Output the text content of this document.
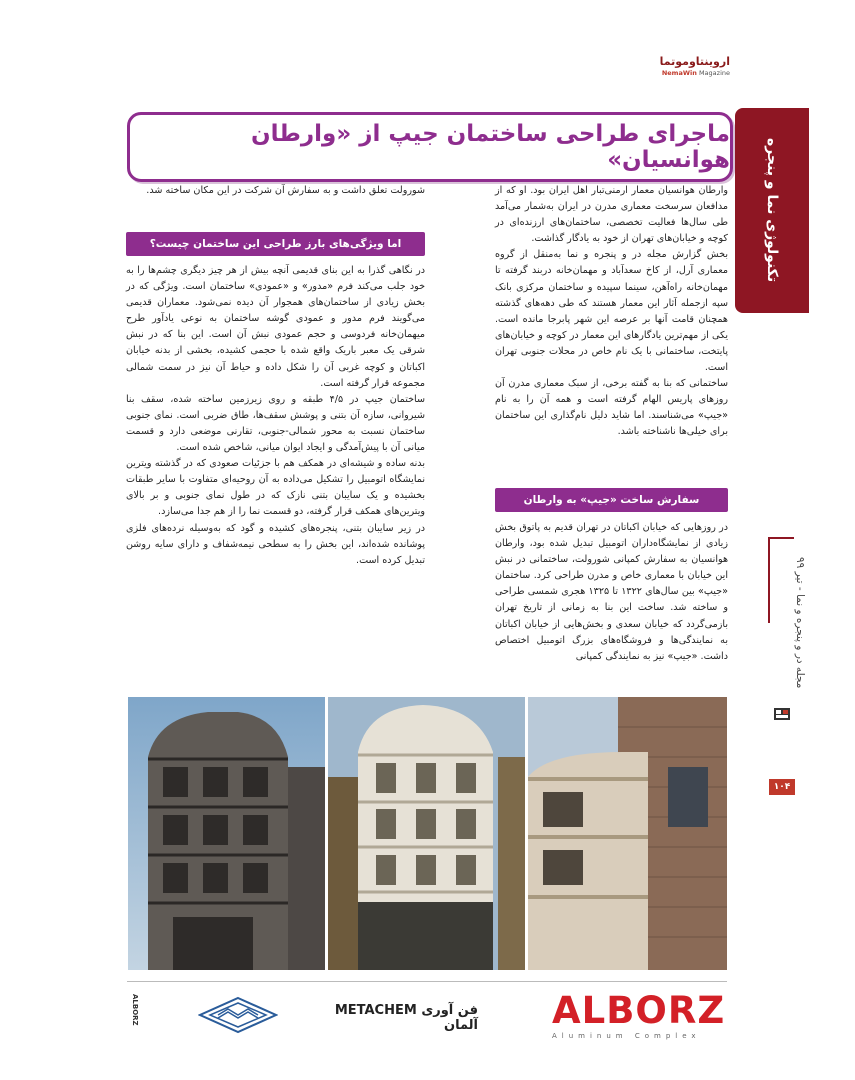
اروینتاوموتما
NemaWin Magazine
تکنولوژی نما و پنجره
ماجرای طراحی ساختمان جیپ از «وارطان هوانسیان»
وارطان هوانسیان معمار ارمنی‌تبار اهل ایران بود. او که از مدافعان سرسخت معماری مدرن در ایران به‌شمار می‌آمد طی سال‌ها فعالیت تخصصی، ساختمان‌های ارزنده‌ای در کوچه و خیابان‌های تهران از خود به یادگار گذاشت.
بخش گزارش مجله در و پنجره و نما به‌منقل از گروه معماری آرل، از کاخ سعدآباد و مهمان‌خانه دربند گرفته تا مهمان‌خانه راه‌آهن، سینما سپیده و ساختمان مرکزی بانک سپه ازجمله آثار این معمار هستند که طی دهه‌های گذشته همچنان قامت آنها بر عرصه این شهر پابرجا مانده است. یکی از مهم‌ترین یادگارهای این معمار در کوچه و خیابان‌های پایتخت، ساختمانی با یک نام خاص در محلات جنوبی تهران است.
ساختمانی که بنا به گفته برخی، از سبک معماری مدرن آن روزهای پاریس الهام گرفته است و همه آن را به نام «جیپ» می‌شناسند. اما شاید دلیل نام‌گذاری این ساختمان برای خیلی‌ها ناشناخته باشد.
سفارش ساخت «جیپ» به وارطان
در روزهایی که خیابان اکباتان در تهران قدیم به پاتوق بخش زیادی از نمایشگاه‌داران اتومبیل تبدیل شده بود، وارطان هوانسیان به سفارش کمپانی شورولت، ساختمانی در نبش این خیابان با معماری خاص و مدرن طراحی کرد. ساختمان «جیپ» بین سال‌های ۱۳۲۲ تا ۱۳۲۵ هجری شمسی طراحی و ساخته شد. ساخت این بنا به زمانی از تاریخ تهران بازمی‌گردد که خیابان سعدی و بخش‌هایی از خیابان اکباتان به نمایندگی‌ها و فروشگاه‌های بزرگ اتومبیل اختصاص داشت. «جیپ» نیز به نمایندگی کمپانی
شورولت تعلق داشت و به سفارش آن شرکت در این مکان ساخته شد.
اما ویژگی‌های بارز طراحی این ساختمان چیست؟
در نگاهی گذرا به این بنای قدیمی آنچه بیش از هر چیز دیگری چشم‌ها را به خود جلب می‌کند فرم «مدور» و «عمودی» ساختمان است. ویژگی که در بخش زیادی از ساختمان‌های همجوار آن دیده نمی‌شود. معماران قدیمی می‌گویند فرم مدور و عمودی گوشه ساختمان به نوعی یادآور طرح میهمان‌خانه فردوسی و حجم عمودی نبش آن است. این بنا که در نبش شرقی یک معبر باریک واقع شده با حجمی کشیده، بخشی از بدنه خیابان اکباتان و کوچه غربی آن را شکل داده و حیاط آن نیز در سمت شمالی مجموعه قرار گرفته است.
ساختمان جیپ در ۴/۵ طبقه و روی زیرزمین ساخته شده، سقف بنا شیروانی، سازه آن بتنی و پوشش سقف‌ها، طاق ضربی است. نمای جنوبی ساختمان نسبت به محور شمالی-جنوبی، تقارنی موضعی دارد و قسمت میانی آن با پیش‌آمدگی و ایجاد ایوان میانی، شاخص شده است.
بدنه ساده و شیشه‌ای در همکف هم با جزئیات صعودی که در گذشته ویترین نمایشگاه اتومبیل را تشکیل می‌داده به آن روحیه‌ای متفاوت با سایر طبقات بخشیده و یک سایبان بتنی نازک که در طول نمای جنوبی و بر بالای ویترین‌های همکف قرار گرفته، دو قسمت نما را از هم جدا می‌سازد.
در زیر سایبان بتنی، پنجره‌های کشیده و گود که به‌وسیله نرده‌های فلزی پوشانده شده‌اند، این بخش را به سطحی نیمه‌شفاف و دارای سایه روشن تبدیل کرده است.	مجله در و پنجره و نما - تیر ۹۹
۱۰۴
ALBORZ
Aluminum Complex
فن آوری METACHEM آلمان
ALBORZ
